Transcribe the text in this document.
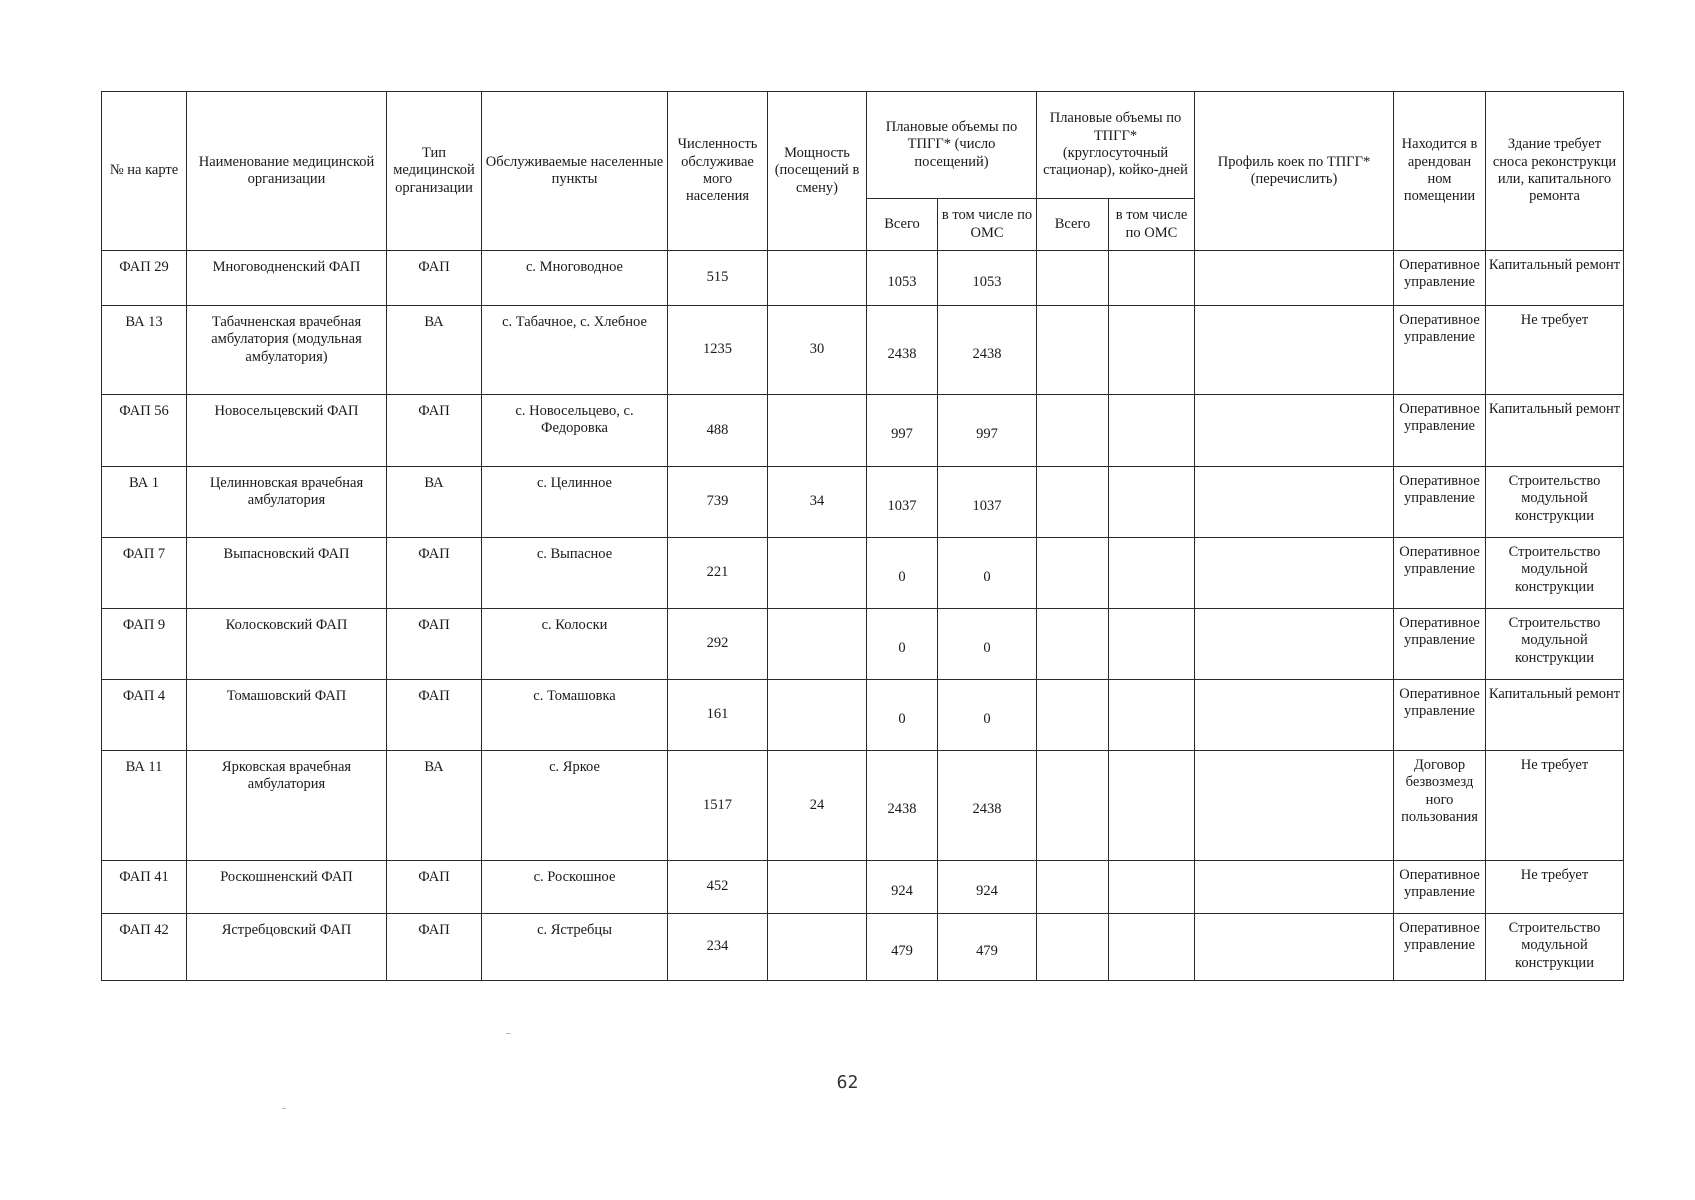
№ на карте	Наименование медицинской организации	Тип медицинской организации	Обслуживаемые населенные пункты	Численность обслуживае мого населения	Мощность (посещений в смену)	Плановые объемы по ТПГГ* (число посещений)		Плановые объемы по ТПГГ* (круглосуточный стационар), койко-дней		Профиль коек по ТПГГ* (перечислить)	Находится в арендован ном помещении	Здание требует сноса реконструкци или, капитального ремонта
						Всего	в том числе по ОМС	Всего	в том числе по ОМС			
ФАП 29	Многоводненский ФАП	ФАП	с. Многоводное	515		1053	1053				Оперативное управление	Капитальный ремонт
ВА 13	Табачненская врачебная амбулатория (модульная амбулатория)	ВА	с. Табачное, с. Хлебное	1235	30	2438	2438				Оперативное управление	Не требует
ФАП 56	Новосельцевский ФАП	ФАП	с. Новосельцево, с. Федоровка	488		997	997				Оперативное управление	Капитальный ремонт
ВА 1	Целинновская врачебная амбулатория	ВА	с. Целинное	739	34	1037	1037				Оперативное управление	Строительство модульной конструкции
ФАП 7	Выпасновский ФАП	ФАП	с. Выпасное	221		0	0				Оперативное управление	Строительство модульной конструкции
ФАП 9	Колосковский ФАП	ФАП	с. Колоски	292		0	0				Оперативное управление	Строительство модульной конструкции
ФАП 4	Томашовский ФАП	ФАП	с. Томашовка	161		0	0				Оперативное управление	Капитальный ремонт
ВА 11	Ярковская врачебная амбулатория	ВА	с. Яркое	1517	24	2438	2438				Договор безвозмезд ного пользования	Не требует
ФАП 41	Роскошненский ФАП	ФАП	с. Роскошное	452		924	924				Оперативное управление	Не требует
ФАП 42	Ястребцовский ФАП	ФАП	с. Ястребцы	234		479	479				Оперативное управление	Строительство модульной конструкции
62
